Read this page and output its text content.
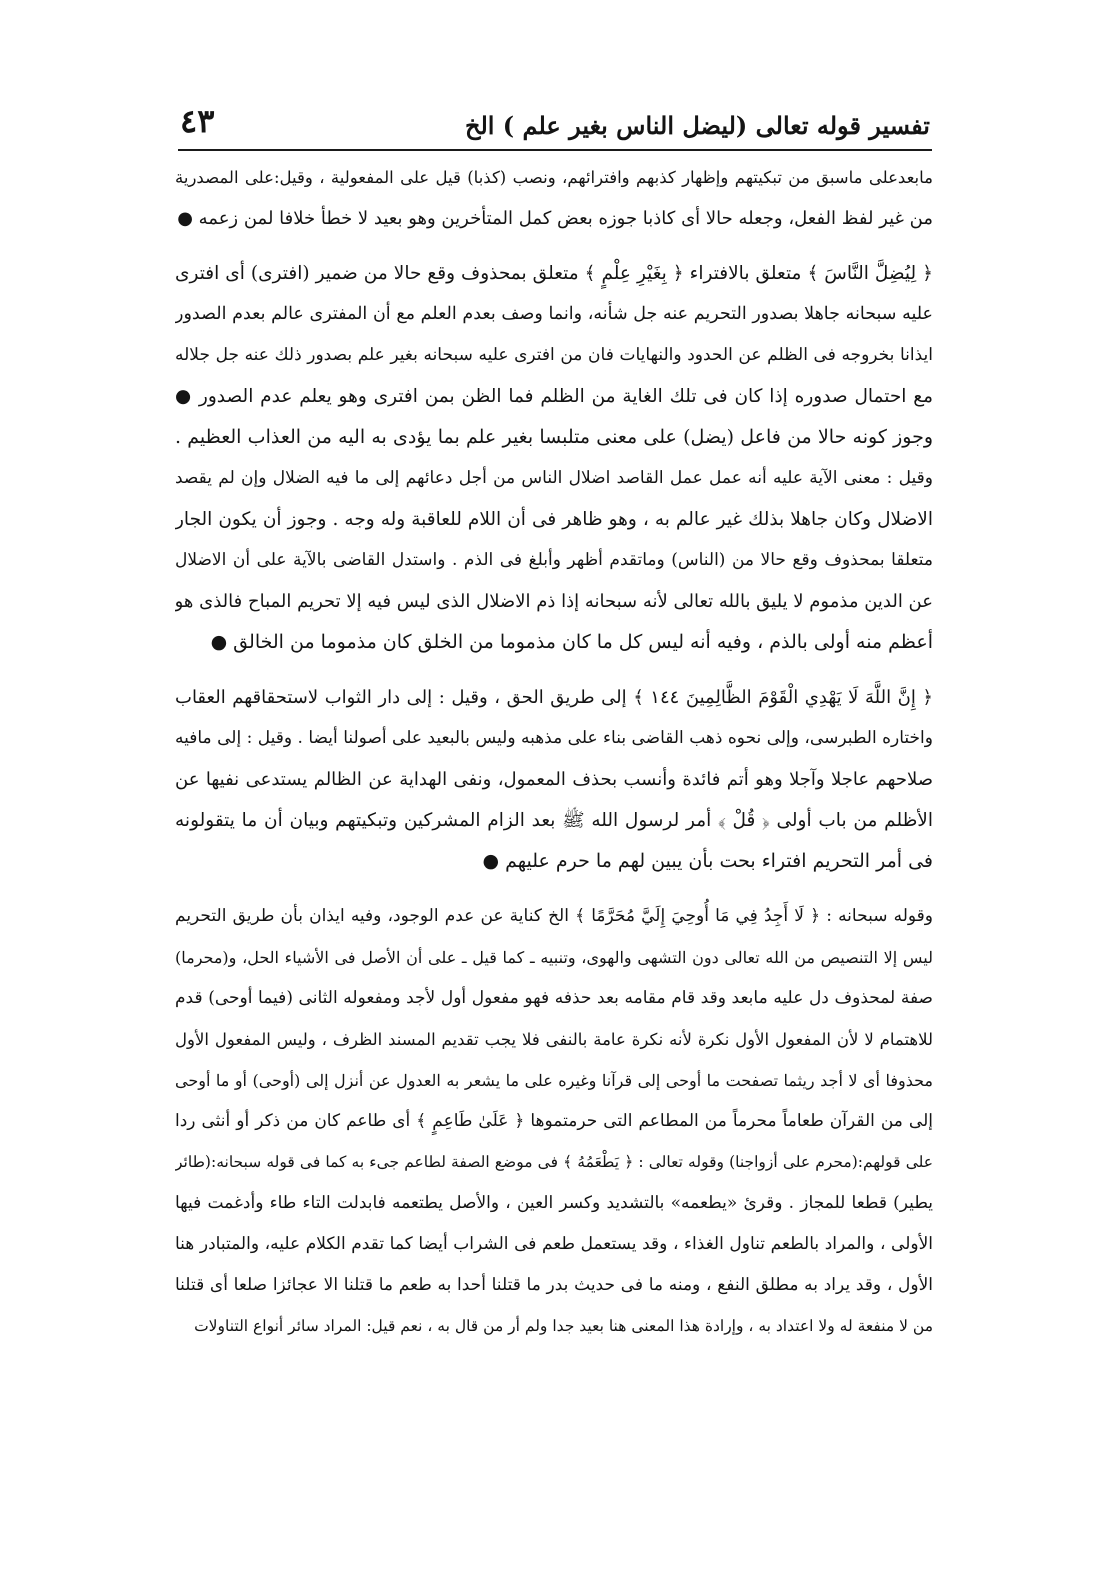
تفسير قوله تعالى (ليضل الناس بغير علم ) الخ
٤٣
مابعدعلى ماسبق من تبكيتهم وإظهار كذبهم وافترائهم، ونصب (كذبا) قيل على المفعولية ، وقيل:على المصدرية
من غير لفظ الفعل، وجعله حالا أى كاذبا جوزه بعض كمل المتأخرين وهو بعيد لا خطأ خلافا لمن زعمه ●
﴿ لِيُضِلَّ النَّاسَ ﴾ متعلق بالافتراء ﴿ بِغَيْرِ عِلْمٍ ﴾ متعلق بمحذوف وقع حالا من ضمير (افترى) أى افترى
عليه سبحانه جاهلا بصدور التحريم عنه جل شأنه، وانما وصف بعدم العلم مع أن المفترى عالم بعدم الصدور
ايذانا بخروجه فى الظلم عن الحدود والنهايات فان من افترى عليه سبحانه بغير علم بصدور ذلك عنه جل جلاله
مع احتمال صدوره إذا كان فى تلك الغاية من الظلم فما الظن بمن افترى وهو يعلم عدم الصدور ●
وجوز كونه حالا من فاعل (يضل) على معنى متلبسا بغير علم بما يؤدى به اليه من العذاب العظيم .
وقيل : معنى الآية عليه أنه عمل عمل القاصد اضلال الناس من أجل دعائهم إلى ما فيه الضلال وإن لم يقصد
الاضلال وكان جاهلا بذلك غير عالم به ، وهو ظاهر فى أن اللام للعاقبة وله وجه . وجوز أن يكون الجار
متعلقا بمحذوف وقع حالا من (الناس) وماتقدم أظهر وأبلغ فى الذم . واستدل القاضى بالآية على أن الاضلال
عن الدين مذموم لا يليق بالله تعالى لأنه سبحانه إذا ذم الاضلال الذى ليس فيه إلا تحريم المباح فالذى هو
أعظم منه أولى بالذم ، وفيه أنه ليس كل ما كان مذموما من الخلق كان مذموما من الخالق ●
﴿ إِنَّ اللَّهَ لَا يَهْدِي الْقَوْمَ الظَّالِمِينَ ١٤٤ ﴾ إلى طريق الحق ، وقيل : إلى دار الثواب لاستحقاقهم العقاب
واختاره الطبرسى، وإلى نحوه ذهب القاضى بناء على مذهبه وليس بالبعيد على أصولنا أيضا . وقيل : إلى مافيه
صلاحهم عاجلا وآجلا وهو أتم فائدة وأنسب بحذف المعمول، ونفى الهداية عن الظالم يستدعى نفيها عن
الأظلم من باب أولى ﴿ قُلْ ﴾ أمر لرسول الله ﷺ بعد الزام المشركين وتبكيتهم وبيان أن ما يتقولونه
فى أمر التحريم افتراء بحت بأن يبين لهم ما حرم عليهم ●
وقوله سبحانه : ﴿ لَا أَجِدُ فِي مَا أُوحِيَ إِلَيَّ مُحَرَّمًا ﴾ الخ كناية عن عدم الوجود، وفيه ايذان بأن طريق التحريم
ليس إلا التنصيص من الله تعالى دون التشهى والهوى، وتنبيه ـ كما قيل ـ على أن الأصل فى الأشياء الحل، و(محرما)
صفة لمحذوف دل عليه مابعد وقد قام مقامه بعد حذفه فهو مفعول أول لأجد ومفعوله الثانى (فيما أوحى) قدم
للاهتمام لا لأن المفعول الأول نكرة لأنه نكرة عامة بالنفى فلا يجب تقديم المسند الظرف ، وليس المفعول الأول
محذوفا أى لا أجد ريثما تصفحت ما أوحى إلى قرآنا وغيره على ما يشعر به العدول عن أنزل إلى (أوحى) أو ما أوحى
إلى من القرآن طعاماً محرماً من المطاعم التى حرمتموها ﴿ عَلَىٰ طَاعِمٍ ﴾ أى طاعم كان من ذكر أو أنثى ردا
على قولهم:(محرم على أزواجنا) وقوله تعالى : ﴿ يَطْعَمُهُ ﴾ فى موضع الصفة لطاعم جىء به كما فى قوله سبحانه:(طائر
يطير) قطعا للمجاز . وقرئ «يطعمه» بالتشديد وكسر العين ، والأصل يطتعمه فابدلت التاء طاء وأدغمت فيها
الأولى ، والمراد بالطعم تناول الغذاء ، وقد يستعمل طعم فى الشراب أيضا كما تقدم الكلام عليه، والمتبادر هنا
الأول ، وقد يراد به مطلق النفع ، ومنه ما فى حديث بدر ما قتلنا أحدا به طعم ما قتلنا الا عجائزا صلعا أى قتلنا
من لا منفعة له ولا اعتداد به ، وإرادة هذا المعنى هنا بعيد جدا ولم أر من قال به ، نعم قيل: المراد سائر أنواع التناولات
